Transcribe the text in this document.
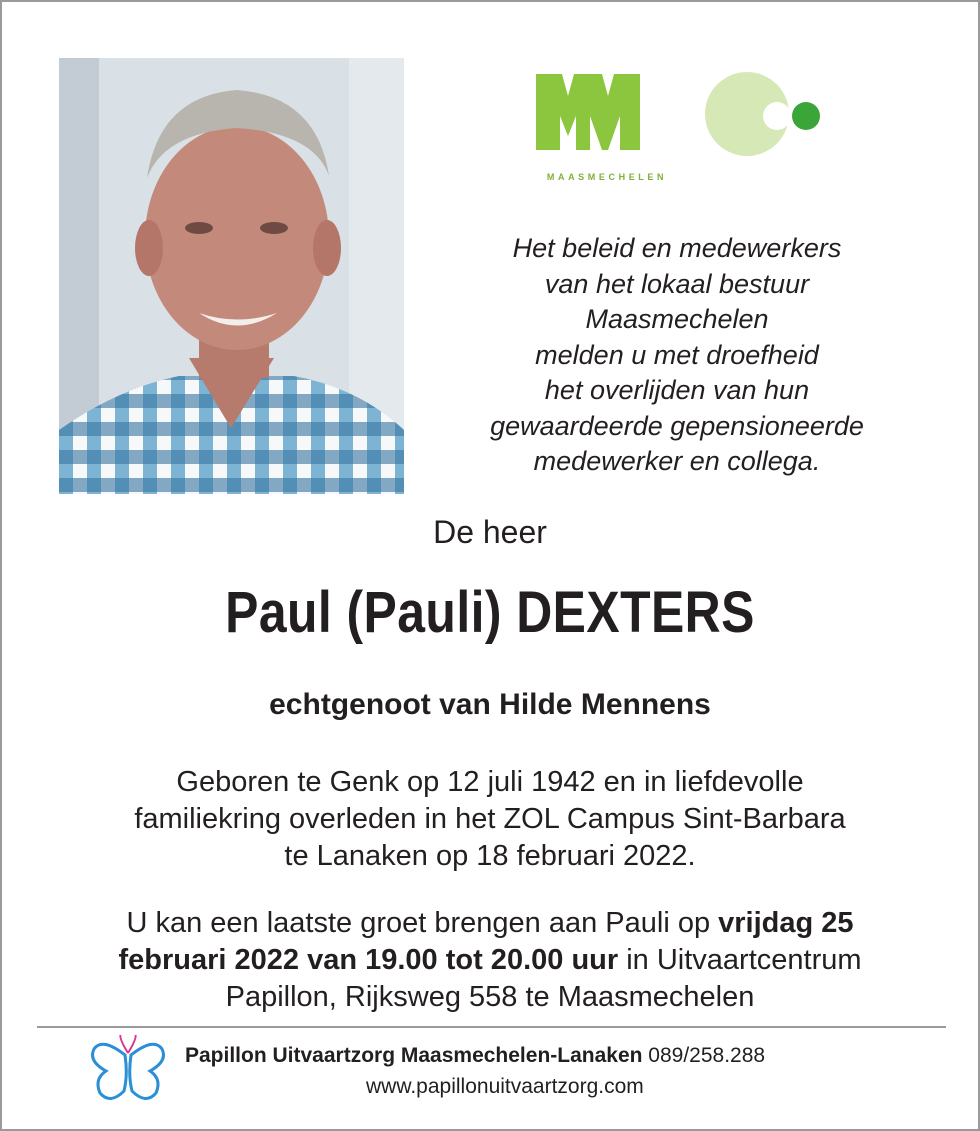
MAASMECHELEN
Het beleid en medewerkers
van het lokaal bestuur
Maasmechelen
melden u met droefheid
het overlijden van hun
gewaardeerde gepensioneerde
medewerker en collega.
De heer
Paul (Pauli) DEXTERS
echtgenoot van Hilde Mennens
Geboren te Genk op 12 juli 1942 en in liefdevolle
familiekring overleden in het ZOL Campus Sint-Barbara
te Lanaken op 18 februari 2022.
U kan een laatste groet brengen aan Pauli op vrijdag 25
februari 2022 van 19.00 tot 20.00 uur in Uitvaartcentrum
Papillon, Rijksweg 558 te Maasmechelen
Papillon Uitvaartzorg Maasmechelen-Lanaken 089/258.288
www.papillonuitvaartzorg.com
